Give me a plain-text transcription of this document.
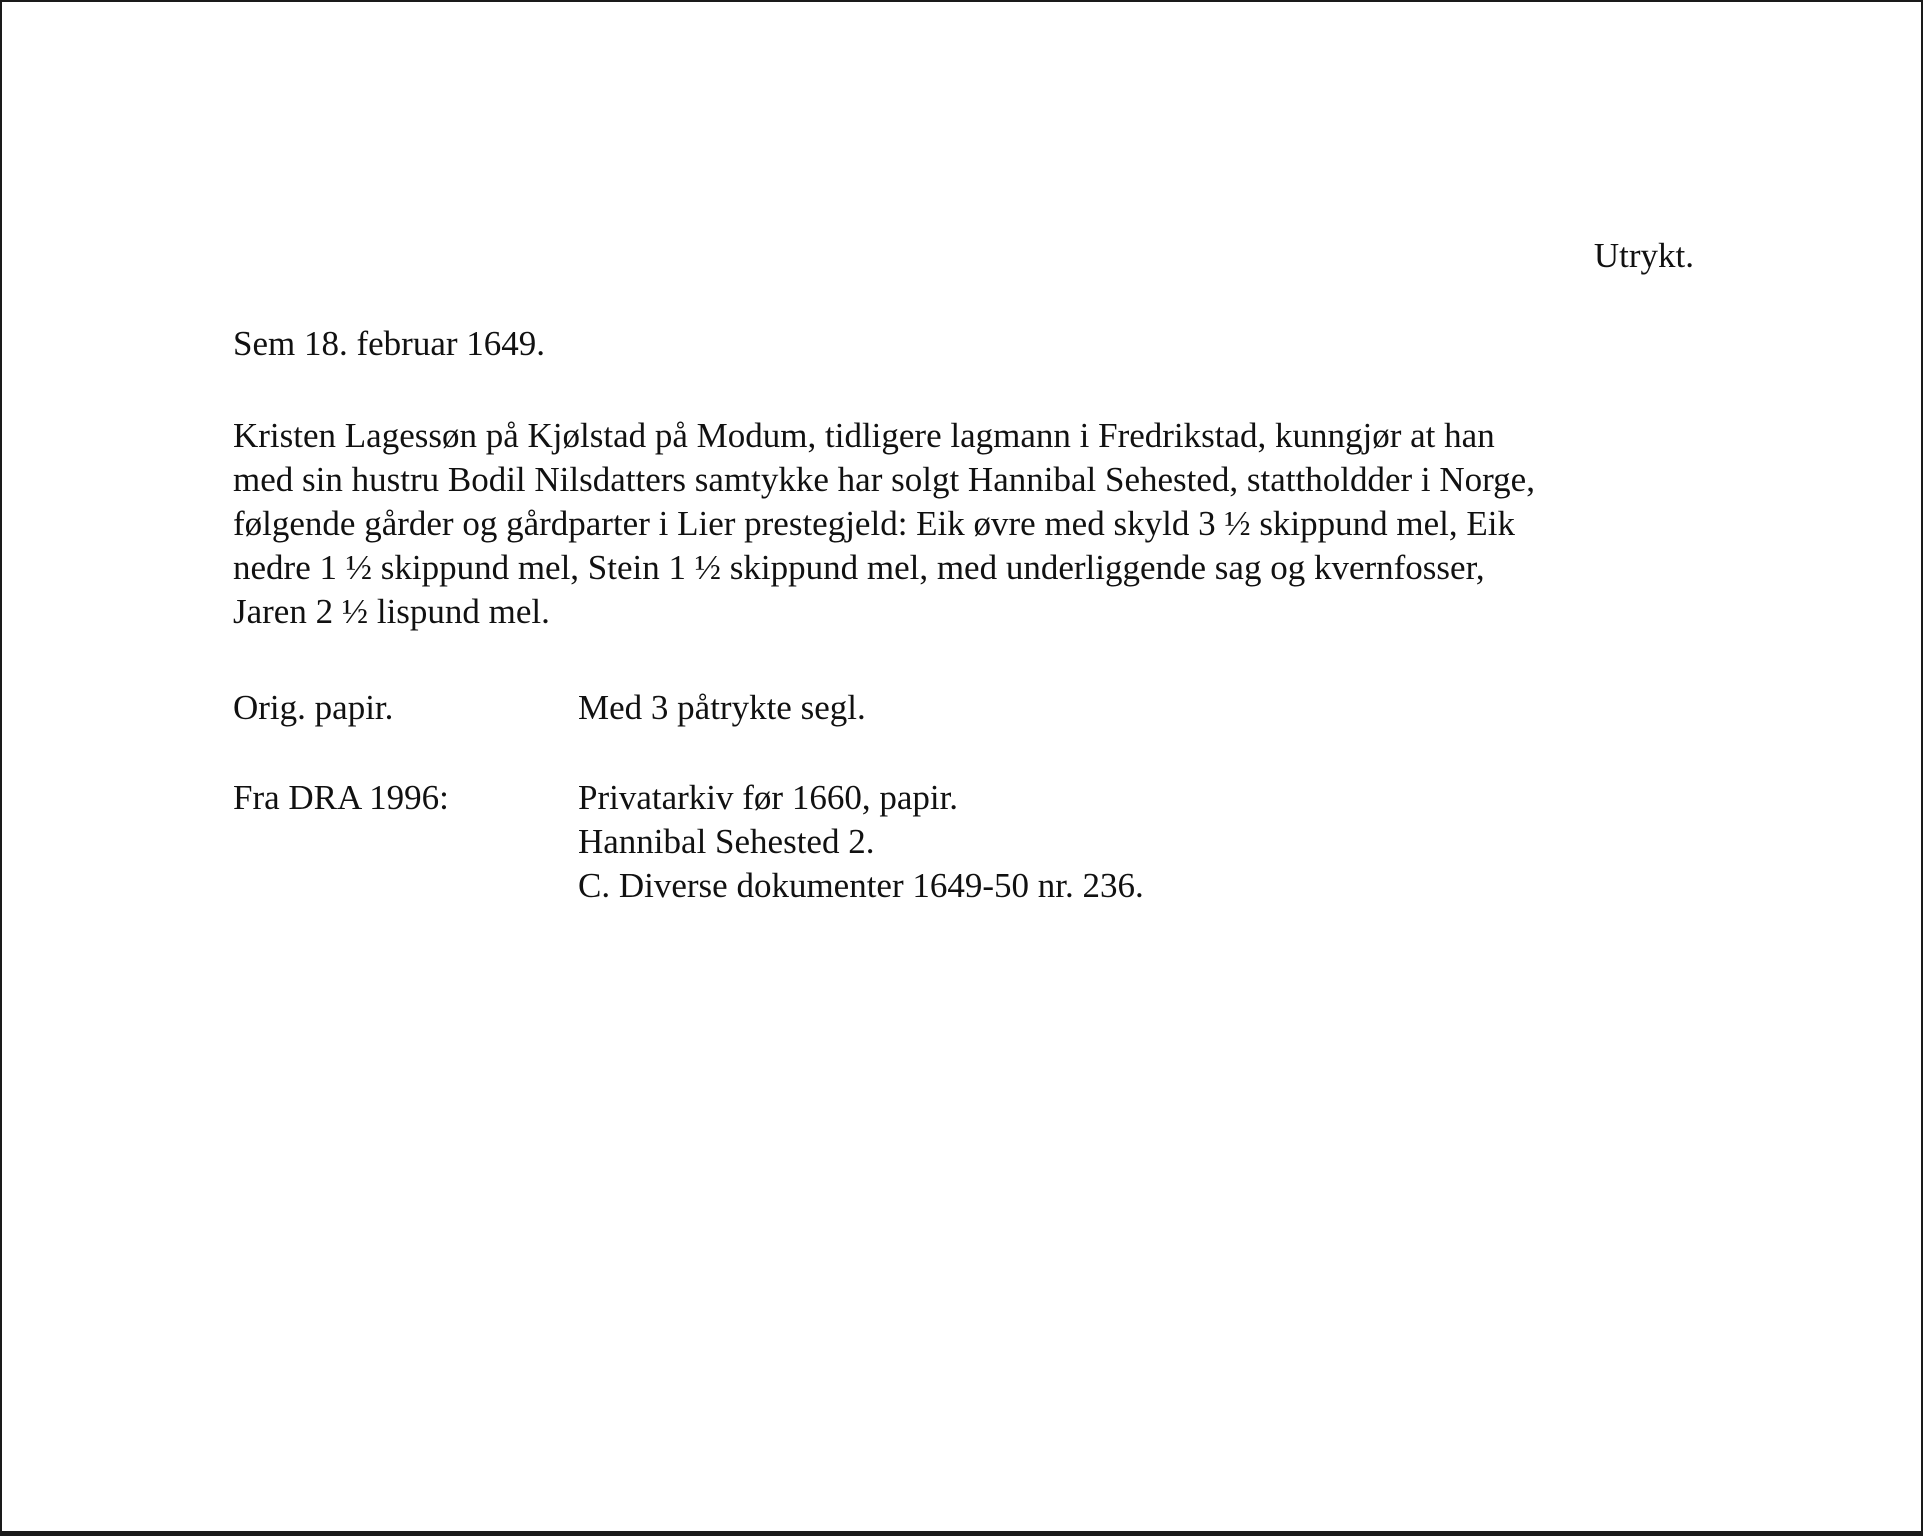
Utrykt.
Sem 18. februar 1649.
Kristen Lagessøn på Kjølstad på Modum, tidligere lagmann i Fredrikstad, kunngjør at han
med sin hustru Bodil Nilsdatters samtykke har solgt Hannibal Sehested, stattholdder i Norge,
følgende gårder og gårdparter i Lier prestegjeld: Eik øvre med skyld 3 ½ skippund mel, Eik
nedre 1 ½ skippund mel, Stein 1 ½ skippund mel, med underliggende sag og kvernfosser,
Jaren 2 ½ lispund mel.
Orig. papir.	Med 3 påtrykte segl.
Fra DRA 1996:	Privatarkiv før 1660, papir.
Hannibal Sehested 2.
C. Diverse dokumenter 1649-50 nr. 236.
